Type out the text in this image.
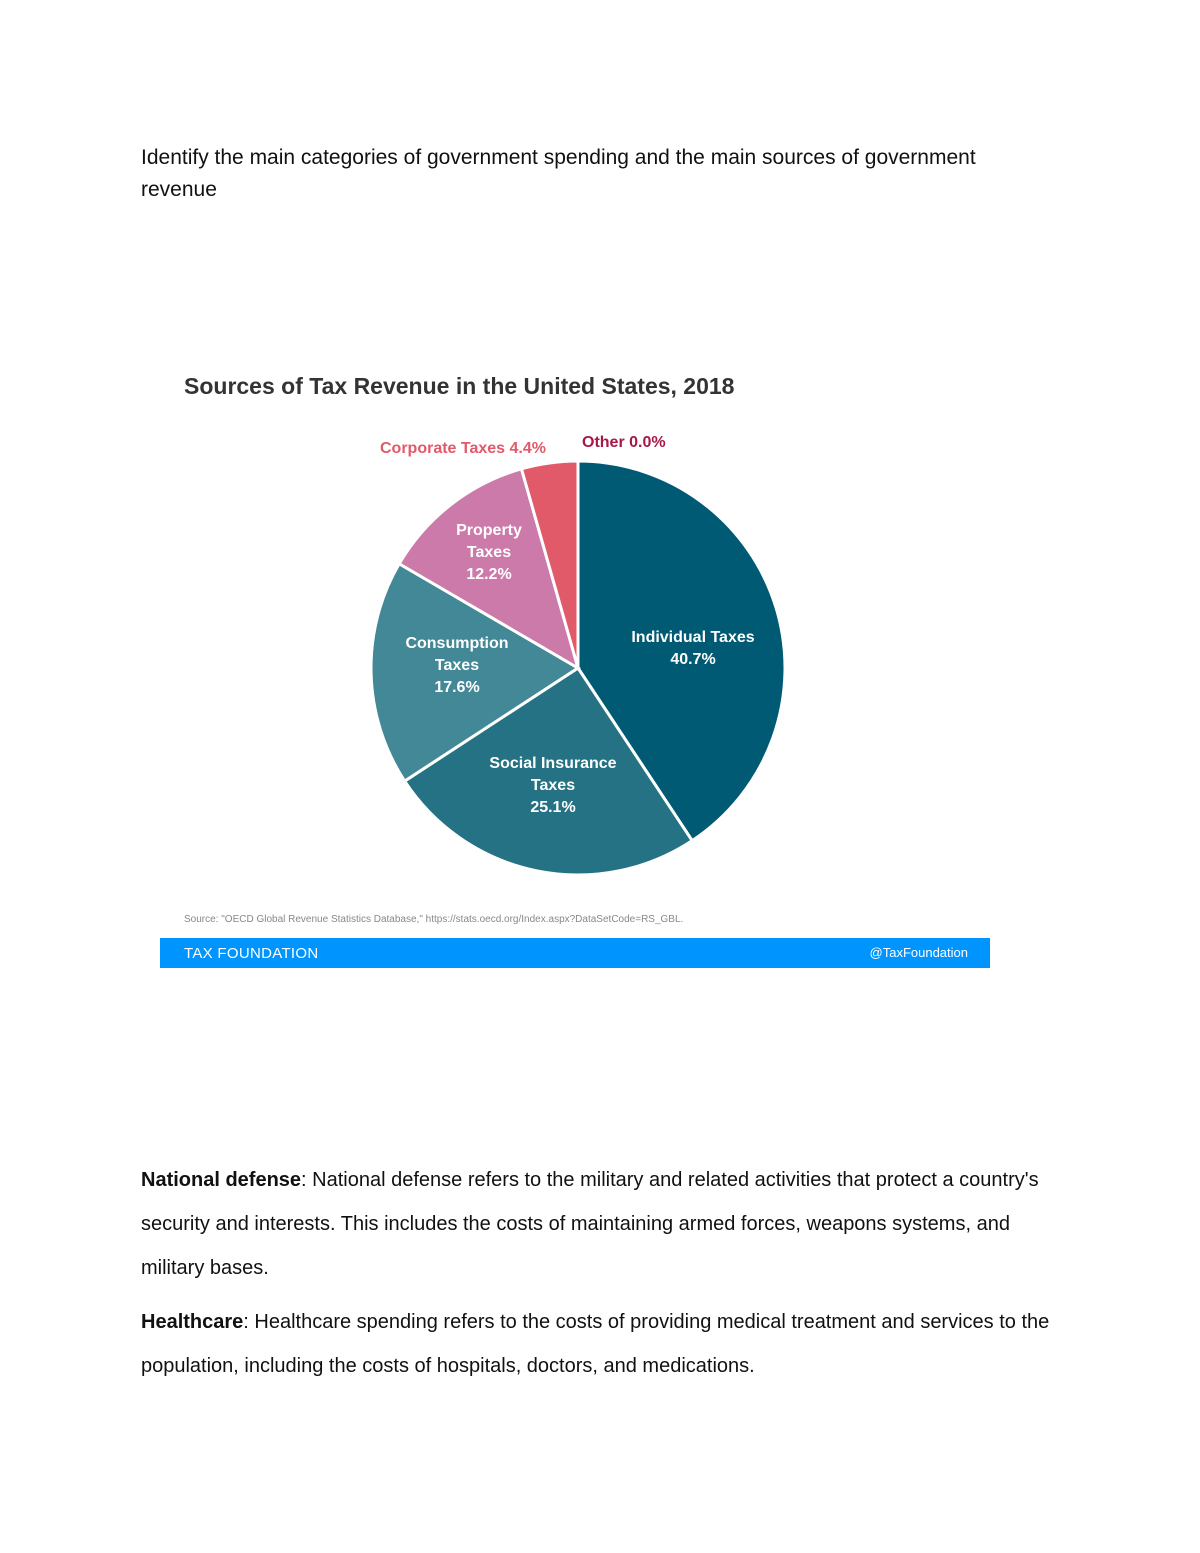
Identify the main categories of government spending and the main sources of government revenue
Sources of Tax Revenue in the United States, 2018
Corporate Taxes 4.4% Other 0.0%
Individual Taxes
40.7%
Social Insurance Taxes
25.1%
Consumption Taxes
17.6%
Property Taxes
12.2%
Source: "OECD Global Revenue Statistics Database," https://stats.oecd.org/Index.aspx?DataSetCode=RS_GBL.
TAX FOUNDATION	@TaxFoundation
National defense: National defense refers to the military and related activities that protect a country's security and interests. This includes the costs of maintaining armed forces, weapons systems, and military bases.
Healthcare: Healthcare spending refers to the costs of providing medical treatment and services to the population, including the costs of hospitals, doctors, and medications.
